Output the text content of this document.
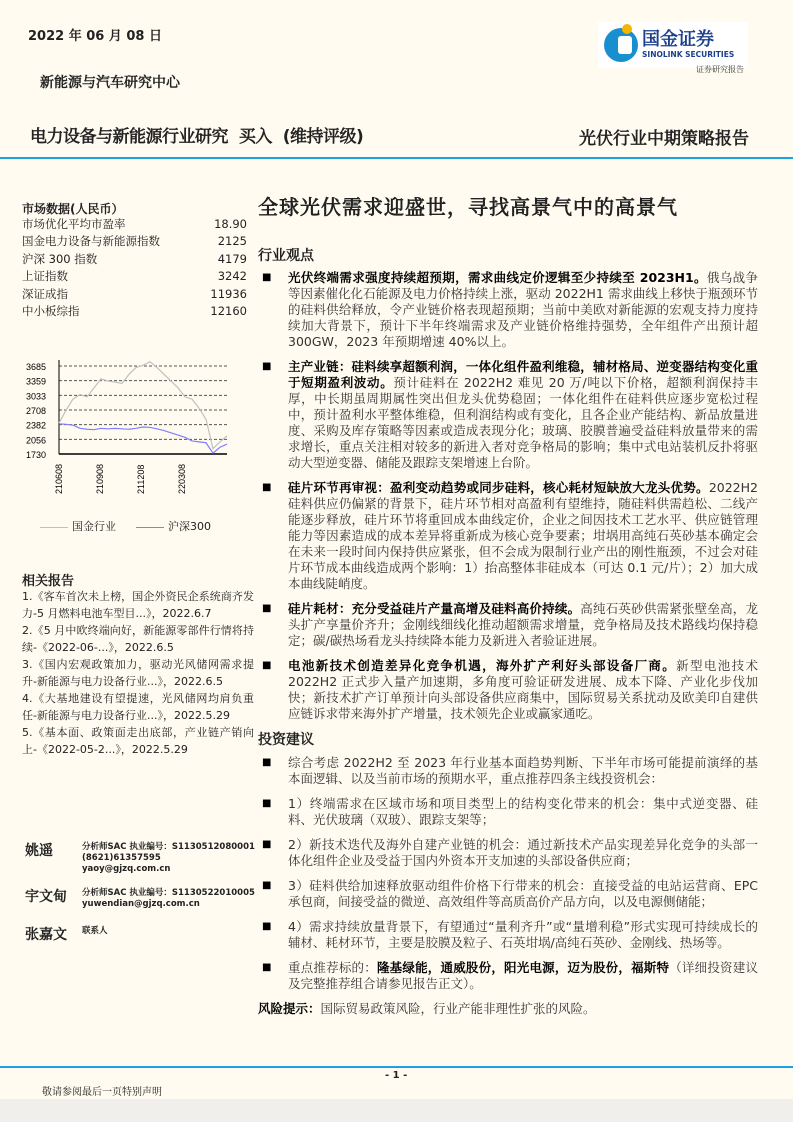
2022 年 06 月 08 日	国金证券
SINOLINK SECURITIES
证券研究报告
新能源与汽车研究中心
电力设备与新能源行业研究 买入 (维持评级)	光伏行业中期策略报告
市场数据(人民币）
市场优化平均市盈率	18.90
国金电力设备与新能源指数	2125
沪深 300 指数	4179
上证指数	3242
深证成指	11936
中小板综指	12160
1730
2056
2382
2708
3033
3359
3685
210608	210908	211208	220308
国金行业	沪深300
相关报告
1.《客车首次未上榜，国企外资民企系统商齐发力-5 月燃料电池车型目...》，2022.6.7
2.《5 月中欧终端向好，新能源零部件行情将持续-《2022-06-...》，2022.6.5
3.《国内宏观政策加力，驱动光风储网需求提升-新能源与电力设备行业...》，2022.6.5
4.《大基地建设有望提速，光风储网均肩负重任-新能源与电力设备行业...》，2022.5.29
5.《基本面、政策面走出底部，产业链产销向上-《2022-05-2...》，2022.5.29
姚遥	分析师SAC 执业编号：S1130512080001
(8621)61357595
yaoy@gjzq.com.cn
宇文甸 分析师SAC 执业编号：S1130522010005
yuwendian@gjzq.com.cn
张嘉文 联系人
全球光伏需求迎盛世，寻找高景气中的高景气
行业观点
■	光伏终端需求强度持续超预期，需求曲线定价逻辑至少持续至 2023H1。俄乌战争等因素催化化石能源及电力价格持续上涨，驱动 2022H1 需求曲线上移快于瓶颈环节的硅料供给释放，令产业链价格表现超预期；当前中美欧对新能源的宏观支持力度持续加大背景下，预计下半年终端需求及产业链价格维持强势，全年组件产出预计超 300GW，2023 年预期增速 40%以上。
■	主产业链：硅料续享超额利润，一体化组件盈利维稳，辅材格局、逆变器结构变化重于短期盈利波动。预计硅料在 2022H2 难见 20 万/吨以下价格，超额利润保持丰厚，中长期虽周期属性突出但龙头优势稳固；一体化组件在硅料供应逐步宽松过程中，预计盈利水平整体维稳，但利润结构或有变化，且各企业产能结构、新品放量进度、采购及库存策略等因素或造成表现分化；玻璃、胶膜普遍受益硅料放量带来的需求增长，重点关注相对较多的新进入者对竞争格局的影响；集中式电站装机反扑将驱动大型逆变器、储能及跟踪支架增速上台阶。
■	硅片环节再审视：盈利变动趋势或同步硅料，核心耗材短缺放大龙头优势。2022H2 硅料供应仍偏紧的背景下，硅片环节相对高盈利有望维持，随硅料供需趋松、二线产能逐步释放，硅片环节将重回成本曲线定价，企业之间因技术工艺水平、供应链管理能力等因素造成的成本差异将重新成为核心竞争要素；坩埚用高纯石英砂基本确定会在未来一段时间内保持供应紧张，但不会成为限制行业产出的刚性瓶颈，不过会对硅片环节成本曲线造成两个影响：1）抬高整体非硅成本（可达 0.1 元/片）；2）加大成本曲线陡峭度。
■	硅片耗材：充分受益硅片产量高增及硅料高价持续。高纯石英砂供需紧张壁垒高，龙头扩产享量价齐升；金刚线细线化推动超额需求增量，竞争格局及技术路线均保持稳定；碳/碳热场看龙头持续降本能力及新进入者验证进展。
■	电池新技术创造差异化竞争机遇，海外扩产利好头部设备厂商。新型电池技术 2022H2 正式步入量产加速期，多角度可验证研发进展、成本下降、产业化步伐加快；新技术扩产订单预计向头部设备供应商集中，国际贸易关系扰动及欧美印自建供应链诉求带来海外扩产增量，技术领先企业或赢家通吃。
投资建议
■	综合考虑 2022H2 至 2023 年行业基本面趋势判断、下半年市场可能提前演绎的基本面逻辑、以及当前市场的预期水平，重点推荐四条主线投资机会：
■	1）终端需求在区域市场和项目类型上的结构变化带来的机会：集中式逆变器、硅料、光伏玻璃（双玻）、跟踪支架等；
■	2）新技术迭代及海外自建产业链的机会：通过新技术产品实现差异化竞争的头部一体化组件企业及受益于国内外资本开支加速的头部设备供应商；
■	3）硅料供给加速释放驱动组件价格下行带来的机会：直接受益的电站运营商、EPC 承包商，间接受益的微逆、高效组件等高质高价产品方向，以及电源侧储能；
■	4）需求持续放量背景下，有望通过“量利齐升”或“量增利稳”形式实现可持续成长的辅材、耗材环节，主要是胶膜及粒子、石英坩埚/高纯石英砂、金刚线、热场等。
■	重点推荐标的：隆基绿能，通威股份，阳光电源，迈为股份，福斯特（详细投资建议及完整推荐组合请参见报告正文）。
风险提示：国际贸易政策风险，行业产能非理性扩张的风险。
- 1 -
敬请参阅最后一页特别声明
